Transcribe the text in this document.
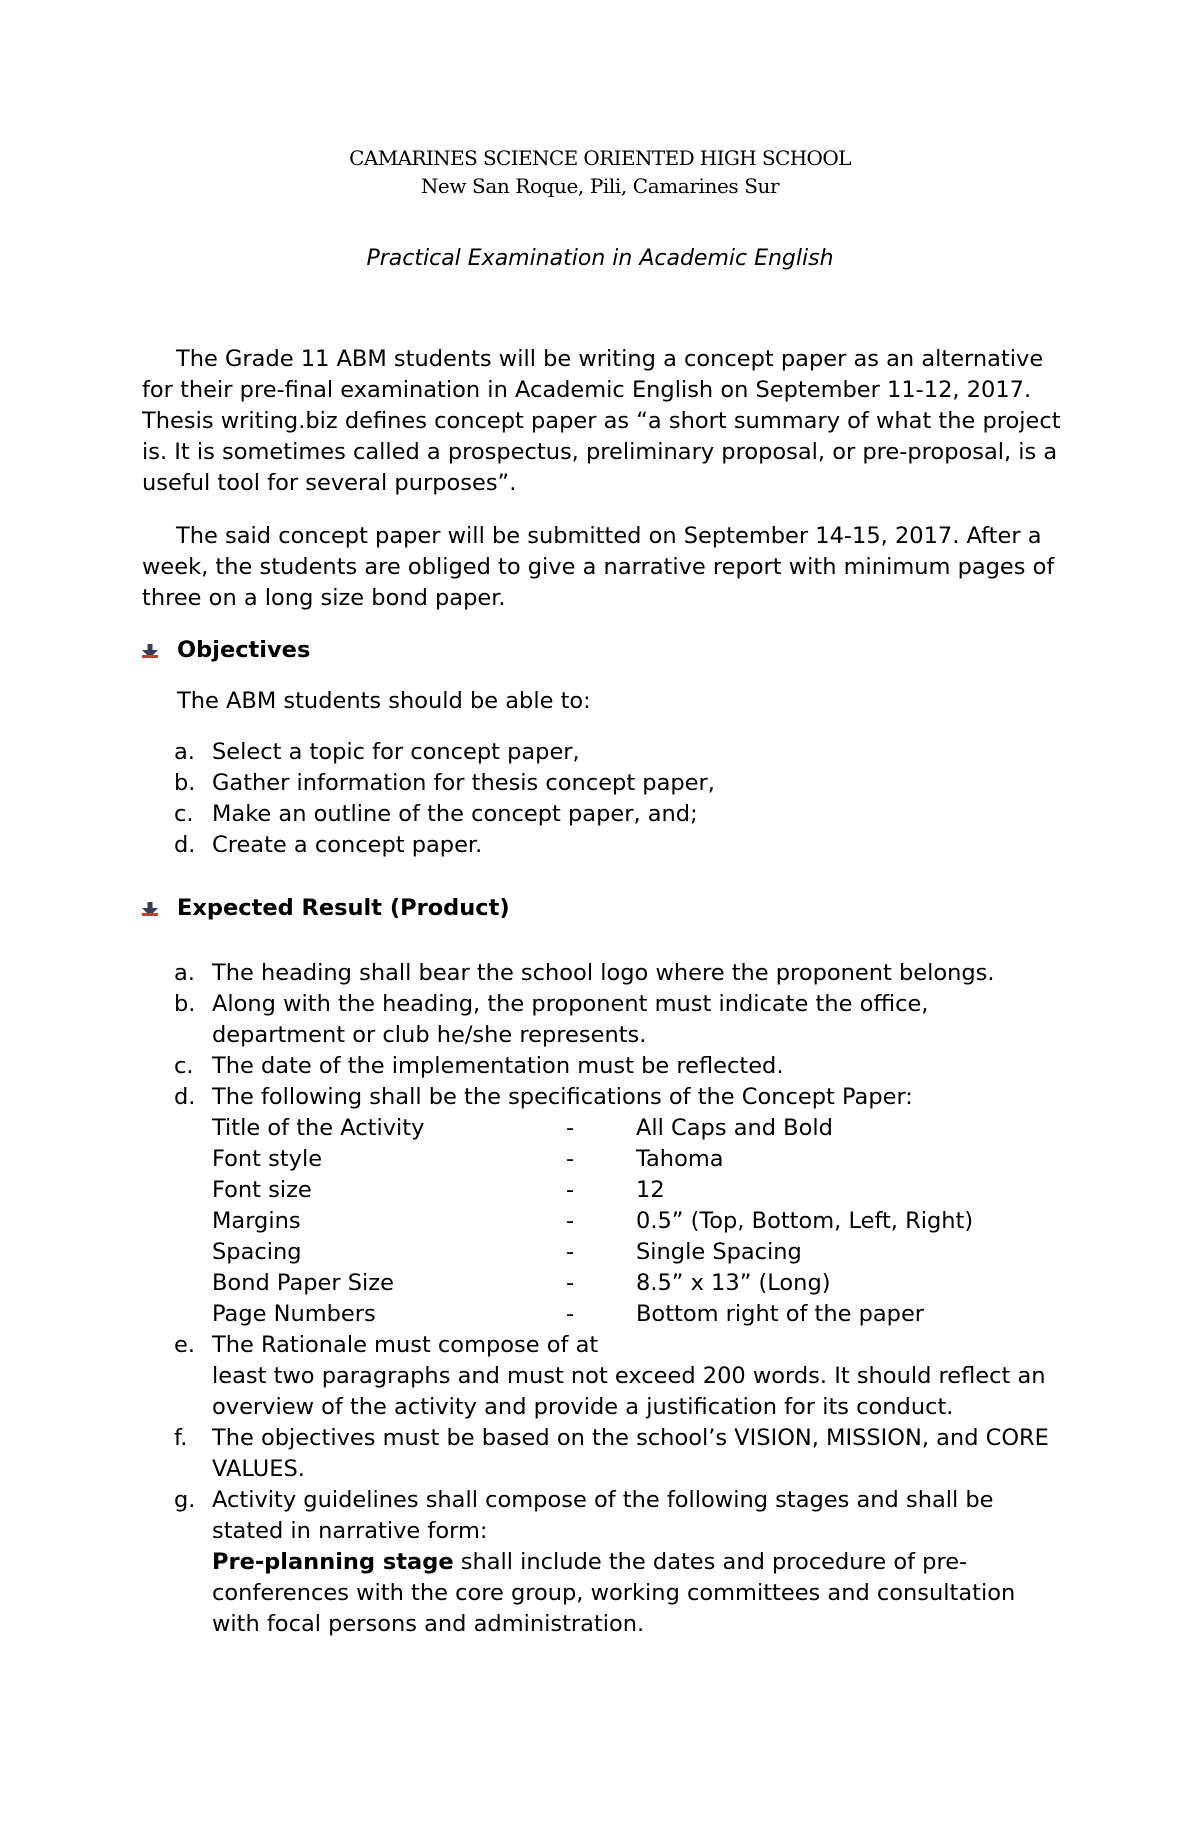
CAMARINES SCIENCE ORIENTED HIGH SCHOOL
New San Roque, Pili, Camarines Sur
Practical Examination in Academic English

The Grade 11 ABM students will be writing a concept paper as an alternative for their pre-final examination in Academic English on September 11-12, 2017. Thesis writing.biz defines concept paper as “a short summary of what the project is. It is sometimes called a prospectus, preliminary proposal, or pre-proposal, is a useful tool for several purposes”.

The said concept paper will be submitted on September 14-15, 2017. After a week, the students are obliged to give a narrative report with minimum pages of three on a long size bond paper.

Objectives
The ABM students should be able to:
a. Select a topic for concept paper,
b. Gather information for thesis concept paper,
c. Make an outline of the concept paper, and;
d. Create a concept paper.
Expected Result (Product)
a. The heading shall bear the school logo where the proponent belongs.
b. Along with the heading, the proponent must indicate the office, department or club he/she represents.
c. The date of the implementation must be reflected.
d. The following shall be the specifications of the Concept Paper:
Title of the Activity	-	All Caps and Bold
Font style	-	Tahoma
Font size	-	12
Margins	-	0.5” (Top, Bottom, Left, Right)
Spacing	-	Single Spacing
Bond Paper Size	-	8.5” x 13” (Long)
Page Numbers	-	Bottom right of the paper
e. The Rationale must compose of at
least two paragraphs and must not exceed 200 words. It should reflect an overview of the activity and provide a justification for its conduct.
f. The objectives must be based on the school’s VISION, MISSION, and CORE VALUES.
g. Activity guidelines shall compose of the following stages and shall be stated in narrative form:
Pre-planning stage shall include the dates and procedure of pre-conferences with the core group, working committees and consultation with focal persons and administration.
